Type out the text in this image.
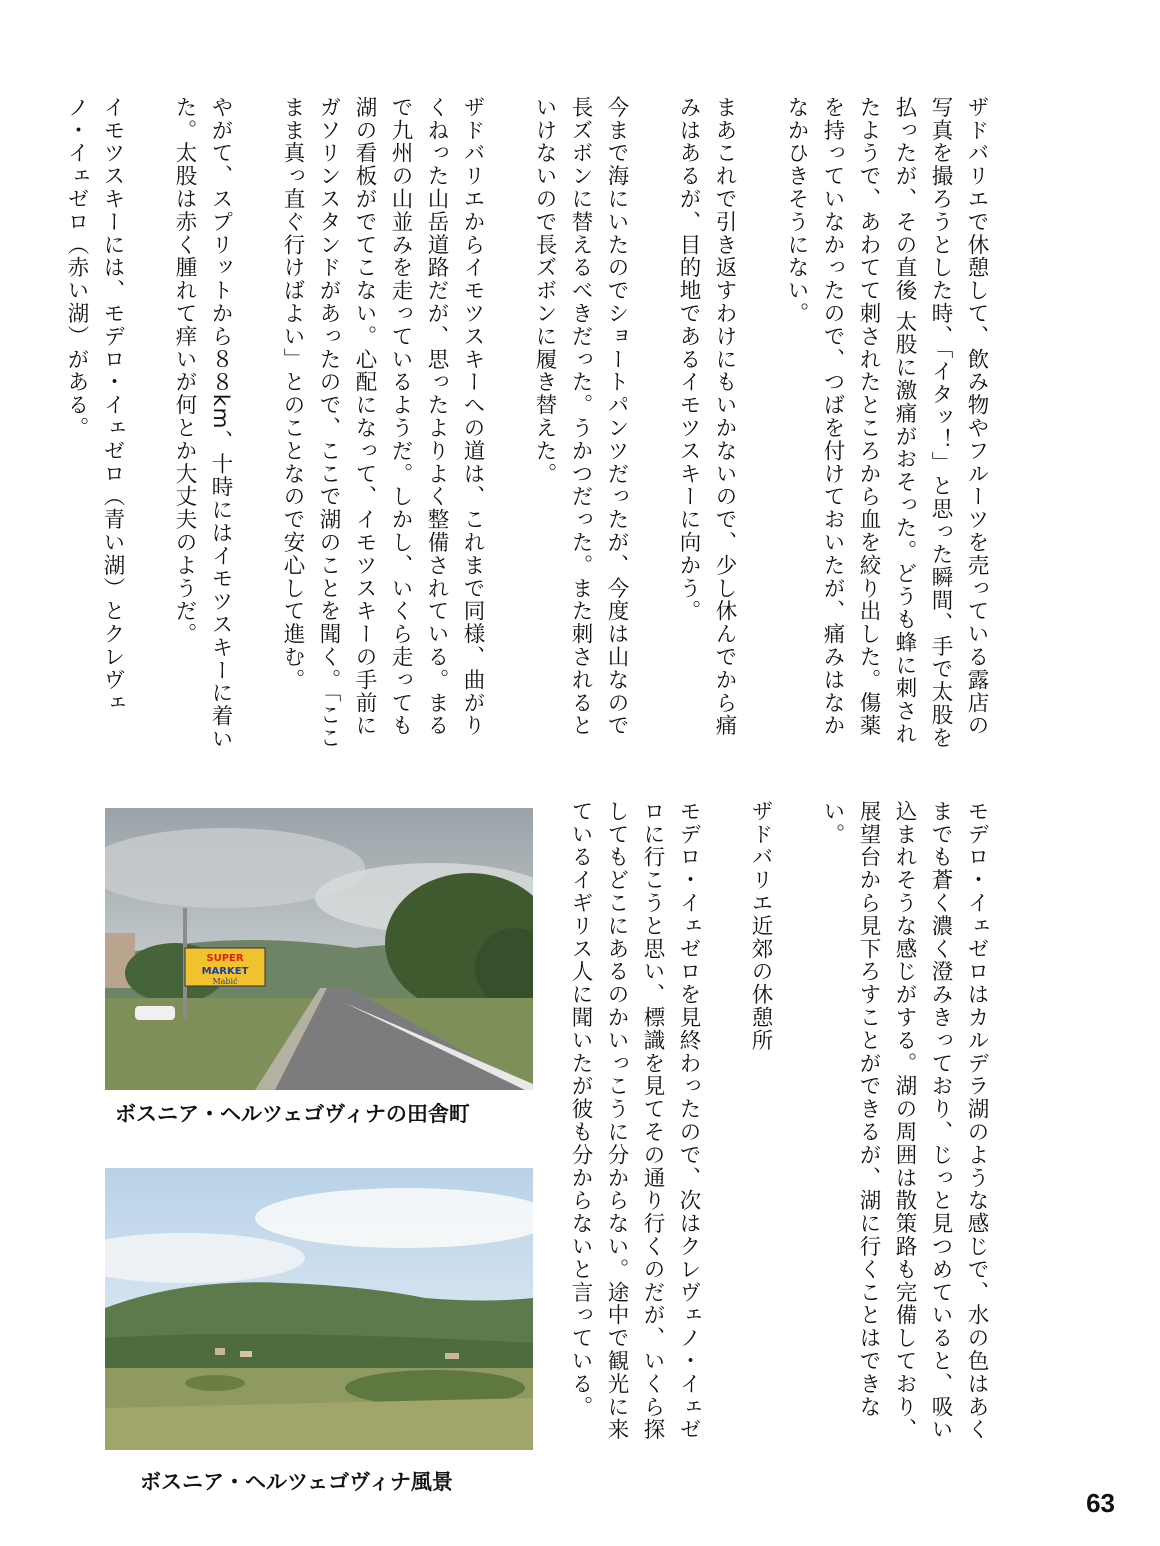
ザドバリエで休憩して、飲み物やフルーツを売っている露店の写真を撮ろうとした時、「イタッ！」と思った瞬間、手で太股を払ったが、その直後 太股に激痛がおそった。どうも蜂に刺されたようで、あわてて刺されたところから血を絞り出した。傷薬を持っていなかったので、つばを付けておいたが、痛みはなかなかひきそうにない。

まあこれで引き返すわけにもいかないので、少し休んでから痛みはあるが、目的地であるイモツスキーに向かう。

今まで海にいたのでショートパンツだったが、今度は山なので長ズボンに替えるべきだった。うかつだった。また刺されるといけないので長ズボンに履き替えた。

ザドバリエからイモツスキーへの道は、これまで同様、曲がりくねった山岳道路だが、思ったよりよく整備されている。まるで九州の山並みを走っているようだ。しかし、いくら走っても湖の看板がでてこない。心配になって、イモツスキーの手前にガソリンスタンドがあったので、ここで湖のことを聞く。「ここまま真っ直ぐ行けばよい」とのことなので安心して進む。

やがて、スプリットから８８km、十時にはイモツスキーに着いた。太股は赤く腫れて痒いが何とか大丈夫のようだ。

イモツスキーには、モデロ・イェゼロ（青い湖）とクレヴェノ・イェゼロ（赤い湖）がある。

モデロ・イェゼロはカルデラ湖のような感じで、水の色はあくまでも蒼く濃く澄みきっており、じっと見つめていると、吸い込まれそうな感じがする。湖の周囲は散策路も完備しており、展望台から見下ろすことができるが、湖に行くことはできない。

ザドバリエ近郊の休憩所

モデロ・イェゼロを見終わったので、次はクレヴェノ・イェゼロに行こうと思い、標識を見てその通り行くのだが、いくら探してもどこにあるのかいっこうに分からない。途中で観光に来ているイギリス人に聞いたが彼も分からないと言っている。

SUPER
MARKET
Mabić
ボスニア・ヘルツェゴヴィナの田舎町
ボスニア・ヘルツェゴヴィナ風景
63
